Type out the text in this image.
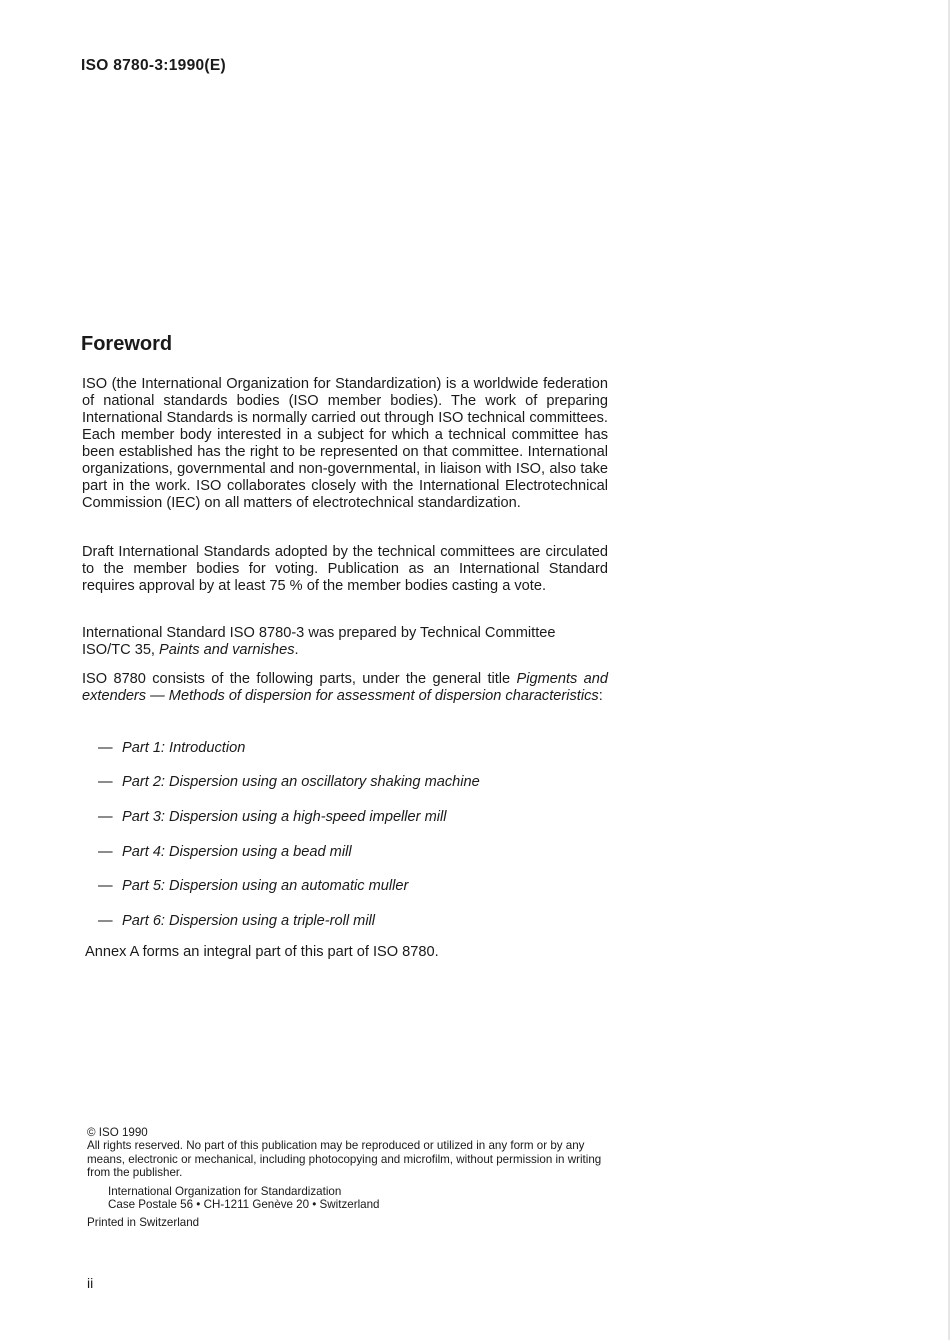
ISO 8780-3:1990(E)
Foreword
ISO (the International Organization for Standardization) is a worldwide federation of national standards bodies (ISO member bodies). The work of preparing International Standards is normally carried out through ISO technical committees. Each member body interested in a subject for which a technical committee has been established has the right to be represented on that committee. International organizations, governmental and non-governmental, in liaison with ISO, also take part in the work. ISO collaborates closely with the International Electrotechnical Commission (IEC) on all matters of electrotechnical standardization.
Draft International Standards adopted by the technical committees are circulated to the member bodies for voting. Publication as an International Standard requires approval by at least 75 % of the member bodies casting a vote.
International Standard ISO 8780-3 was prepared by Technical Committee ISO/TC 35, Paints and varnishes.
ISO 8780 consists of the following parts, under the general title Pigments and extenders — Methods of dispersion for assessment of dispersion characteristics:
— Part 1: Introduction
— Part 2: Dispersion using an oscillatory shaking machine
— Part 3: Dispersion using a high-speed impeller mill
— Part 4: Dispersion using a bead mill
— Part 5: Dispersion using an automatic muller
— Part 6: Dispersion using a triple-roll mill
Annex A forms an integral part of this part of ISO 8780.
© ISO 1990
All rights reserved. No part of this publication may be reproduced or utilized in any form or by any means, electronic or mechanical, including photocopying and microfilm, without permission in writing from the publisher.
International Organization for Standardization
Case Postale 56 • CH-1211 Genève 20 • Switzerland
Printed in Switzerland
ii
